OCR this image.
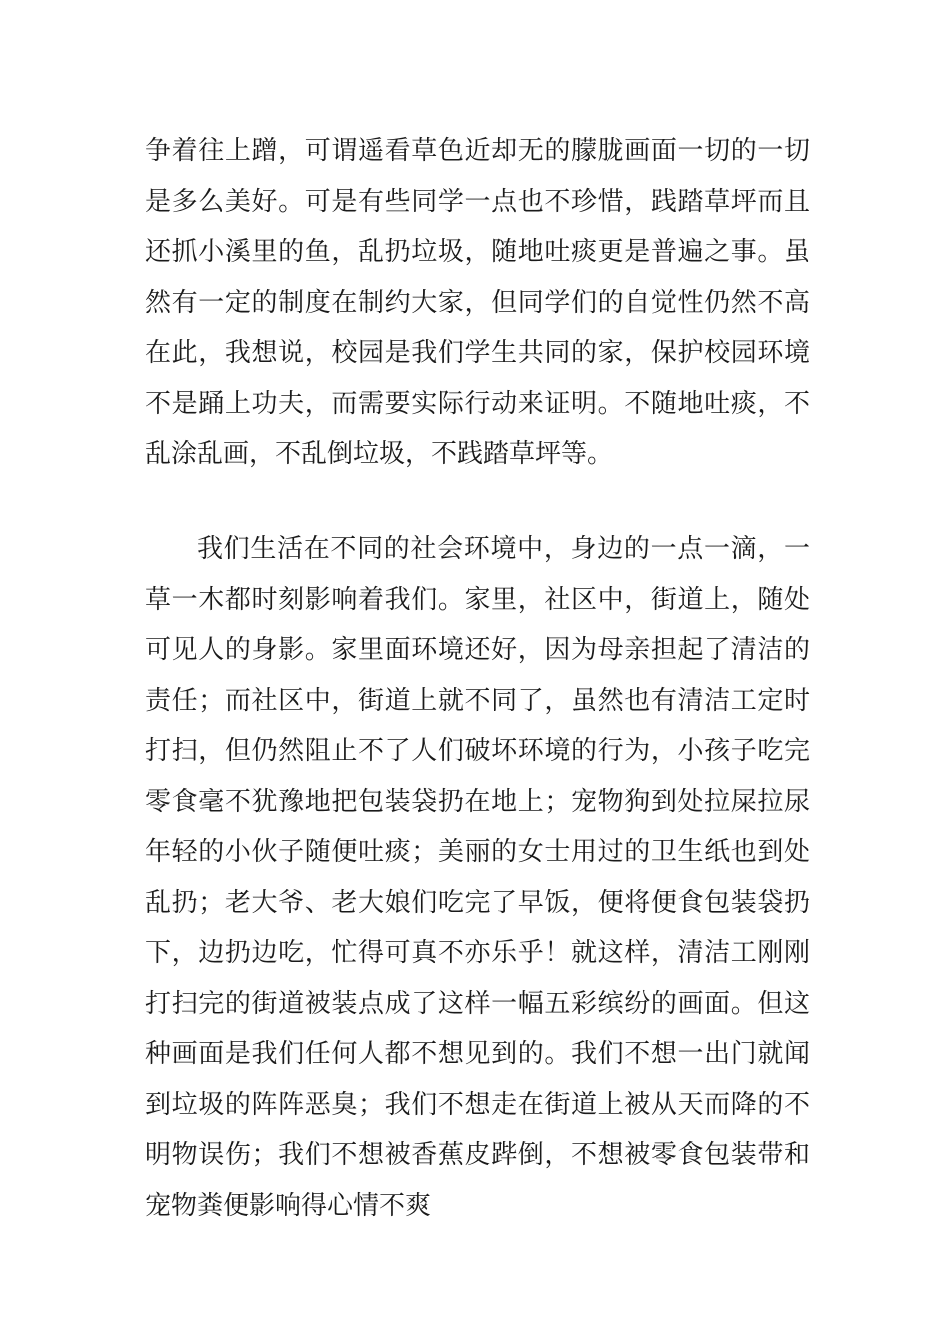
争着往上蹭，可谓遥看草色近却无的朦胧画面一切的一切
是多么美好。可是有些同学一点也不珍惜，践踏草坪而且
还抓小溪里的鱼，乱扔垃圾，随地吐痰更是普遍之事。虽
然有一定的制度在制约大家，但同学们的自觉性仍然不高
在此，我想说，校园是我们学生共同的家，保护校园环境
不是踊上功夫，而需要实际行动来证明。不随地吐痰，不
乱涂乱画，不乱倒垃圾，不践踏草坪等。
我们生活在不同的社会环境中，身边的一点一滴，一
草一木都时刻影响着我们。家里，社区中，街道上，随处
可见人的身影。家里面环境还好，因为母亲担起了清洁的
责任；而社区中，街道上就不同了，虽然也有清洁工定时
打扫，但仍然阻止不了人们破坏环境的行为，小孩子吃完
零食毫不犹豫地把包装袋扔在地上；宠物狗到处拉屎拉尿
年轻的小伙子随便吐痰；美丽的女士用过的卫生纸也到处
乱扔；老大爷、老大娘们吃完了早饭，便将便食包装袋扔
下，边扔边吃，忙得可真不亦乐乎！就这样，清洁工刚刚
打扫完的街道被装点成了这样一幅五彩缤纷的画面。但这
种画面是我们任何人都不想见到的。我们不想一出门就闻
到垃圾的阵阵恶臭；我们不想走在街道上被从天而降的不
明物误伤；我们不想被香蕉皮跸倒，不想被零食包装带和
宠物粪便影响得心情不爽
